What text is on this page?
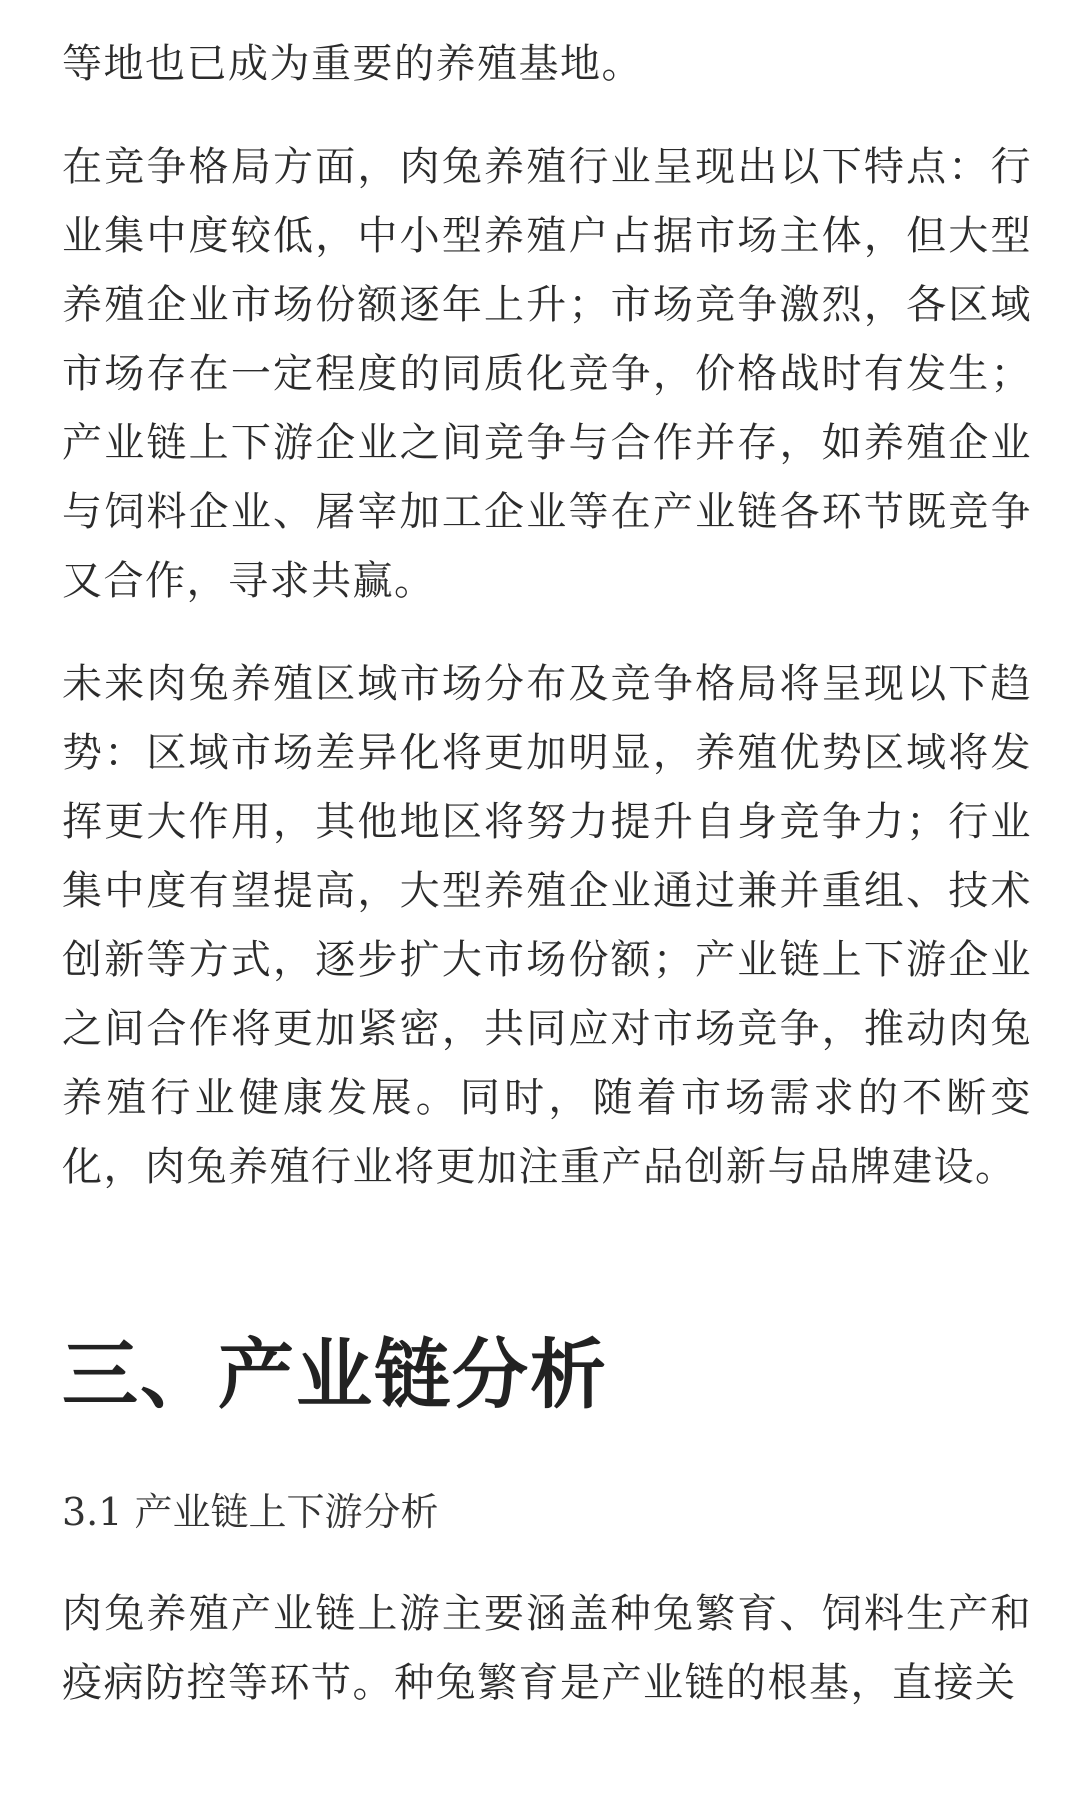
等地也已成为重要的养殖基地。

在竞争格局方面，肉兔养殖行业呈现出以下特点：行业集中度较低，中小型养殖户占据市场主体，但大型养殖企业市场份额逐年上升；市场竞争激烈，各区域市场存在一定程度的同质化竞争，价格战时有发生；产业链上下游企业之间竞争与合作并存，如养殖企业与饲料企业、屠宰加工企业等在产业链各环节既竞争又合作，寻求共赢。

未来肉兔养殖区域市场分布及竞争格局将呈现以下趋势：区域市场差异化将更加明显，养殖优势区域将发挥更大作用，其他地区将努力提升自身竞争力；行业集中度有望提高，大型养殖企业通过兼并重组、技术创新等方式，逐步扩大市场份额；产业链上下游企业之间合作将更加紧密，共同应对市场竞争，推动肉兔养殖行业健康发展。同时，随着市场需求的不断变化，肉兔养殖行业将更加注重产品创新与品牌建设。

三、产业链分析
3.1 产业链上下游分析

肉兔养殖产业链上游主要涵盖种兔繁育、饲料生产和疫病防控等环节。种兔繁育是产业链的根基，直接关
